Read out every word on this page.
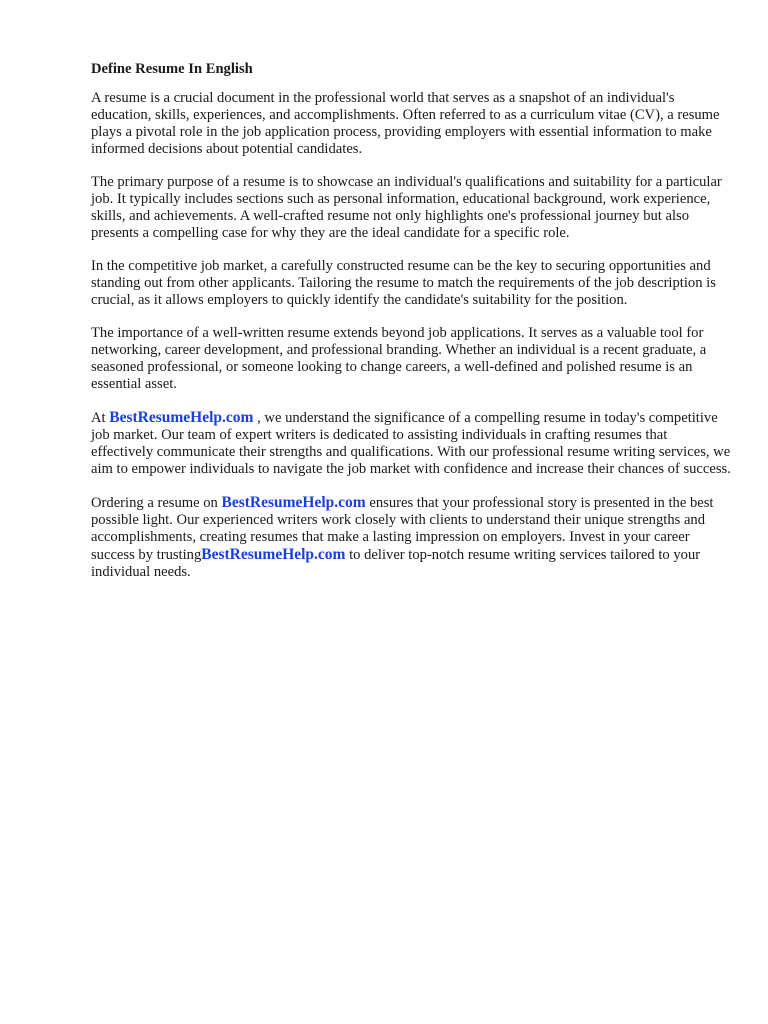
Define Resume In English

A resume is a crucial document in the professional world that serves as a snapshot of an individual's education, skills, experiences, and accomplishments. Often referred to as a curriculum vitae (CV), a resume plays a pivotal role in the job application process, providing employers with essential information to make informed decisions about potential candidates.

The primary purpose of a resume is to showcase an individual's qualifications and suitability for a particular job. It typically includes sections such as personal information, educational background, work experience, skills, and achievements. A well-crafted resume not only highlights one's professional journey but also presents a compelling case for why they are the ideal candidate for a specific role.

In the competitive job market, a carefully constructed resume can be the key to securing opportunities and standing out from other applicants. Tailoring the resume to match the requirements of the job description is crucial, as it allows employers to quickly identify the candidate's suitability for the position.

The importance of a well-written resume extends beyond job applications. It serves as a valuable tool for networking, career development, and professional branding. Whether an individual is a recent graduate, a seasoned professional, or someone looking to change careers, a well-defined and polished resume is an essential asset.

At BestResumeHelp.com , we understand the significance of a compelling resume in today's competitive job market. Our team of expert writers is dedicated to assisting individuals in crafting resumes that effectively communicate their strengths and qualifications. With our professional resume writing services, we aim to empower individuals to navigate the job market with confidence and increase their chances of success.

Ordering a resume on BestResumeHelp.com ensures that your professional story is presented in the best possible light. Our experienced writers work closely with clients to understand their unique strengths and accomplishments, creating resumes that make a lasting impression on employers. Invest in your career success by trustingBestResumeHelp.com to deliver top-notch resume writing services tailored to your individual needs.
